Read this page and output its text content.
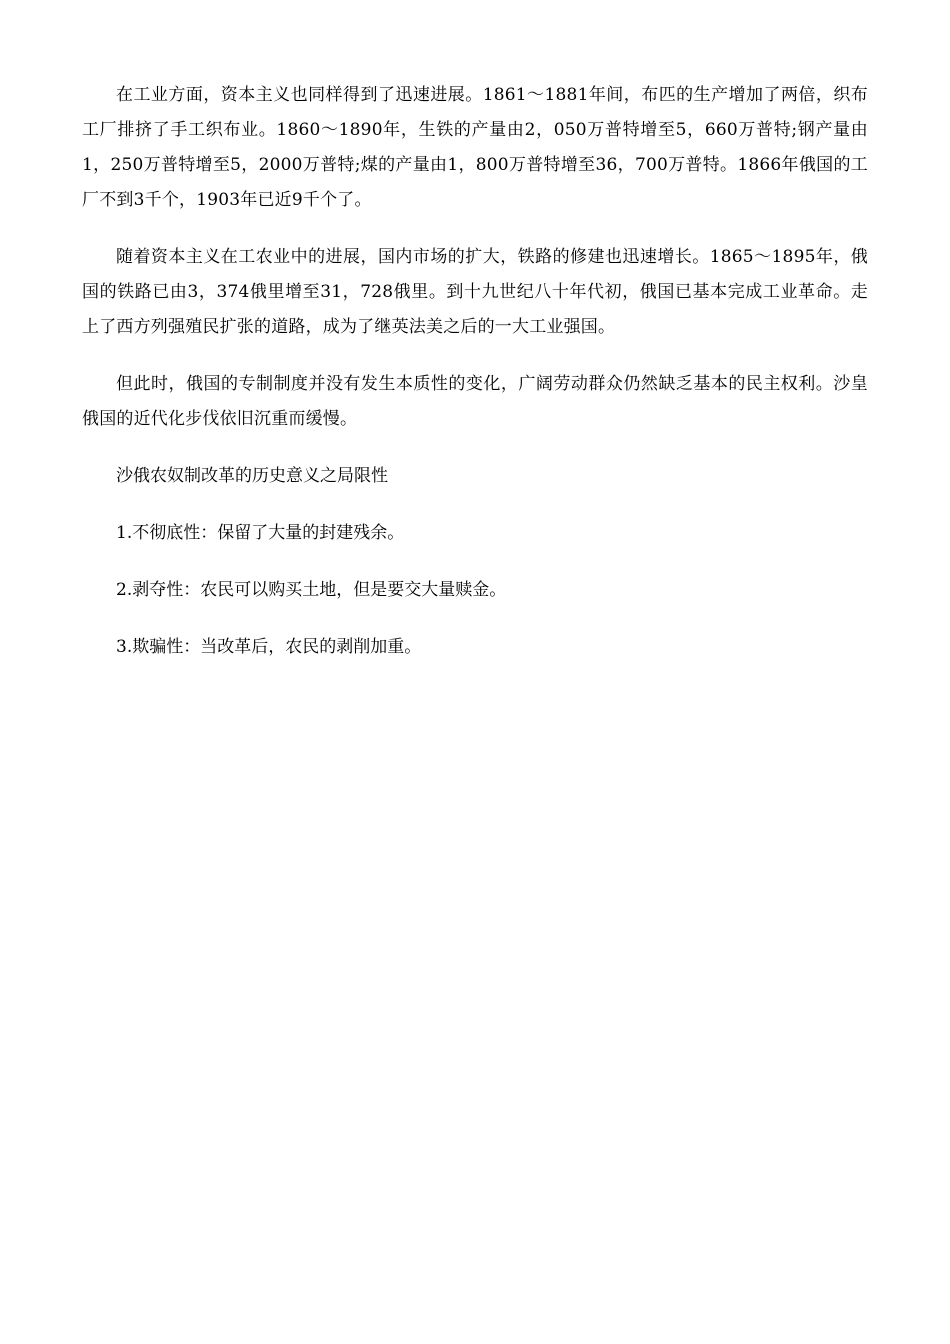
在工业方面，资本主义也同样得到了迅速进展。1861～1881年间，布匹的生产增加了两倍，织布工厂排挤了手工织布业。1860～1890年，生铁的产量由2，050万普特增至5，660万普特;钢产量由1，250万普特增至5，2000万普特;煤的产量由1，800万普特增至36，700万普特。1866年俄国的工厂不到3千个，1903年已近9千个了。

随着资本主义在工农业中的进展，国内市场的扩大，铁路的修建也迅速增长。1865～1895年，俄国的铁路已由3，374俄里增至31，728俄里。到十九世纪八十年代初，俄国已基本完成工业革命。走上了西方列强殖民扩张的道路，成为了继英法美之后的一大工业强国。

但此时，俄国的专制制度并没有发生本质性的变化，广阔劳动群众仍然缺乏基本的民主权利。沙皇俄国的近代化步伐依旧沉重而缓慢。

沙俄农奴制改革的历史意义之局限性

1.不彻底性：保留了大量的封建残余。

2.剥夺性：农民可以购买土地，但是要交大量赎金。

3.欺骗性：当改革后，农民的剥削加重。
